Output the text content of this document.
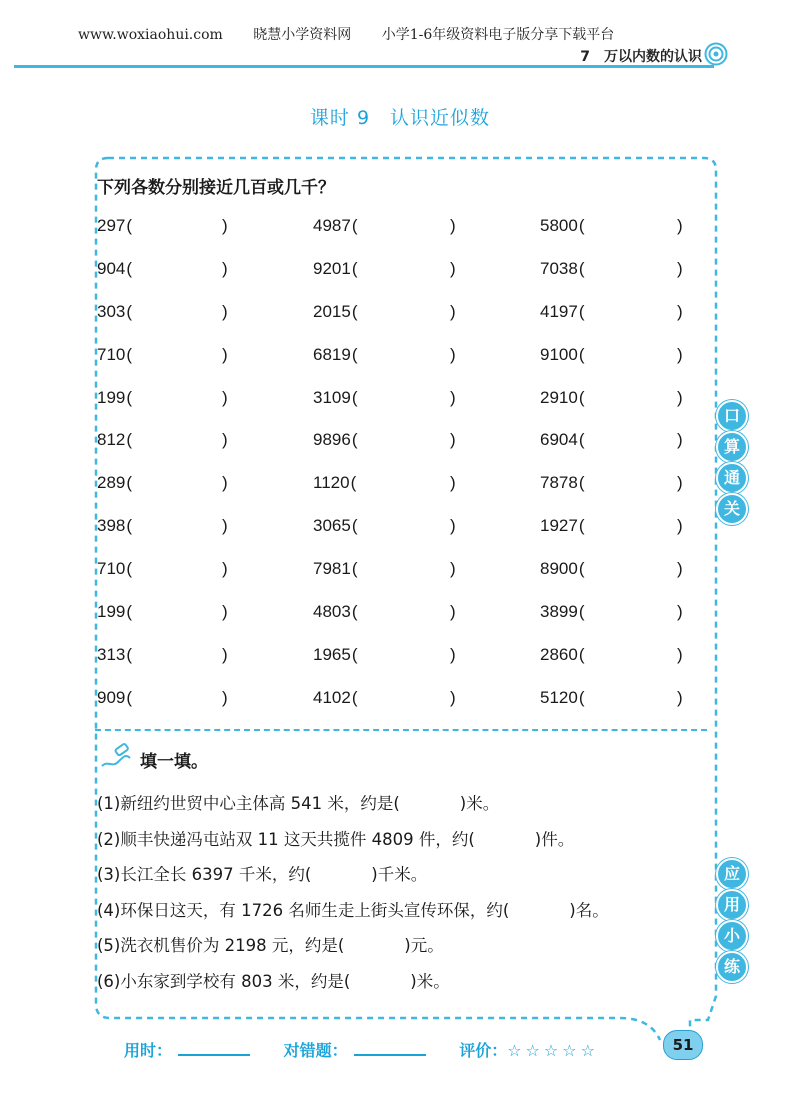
www.woxiaohui.com 晓慧小学资料网 小学1-6年级资料电子版分享下载平台
7　万以内数的认识
课时 9　认识近似数
下列各数分别接近几百或几千？
297(	)	4987(	)	5800(	)
904(	)	9201(	)	7038(	)
303(	)	2015(	)	4197(	)
710(	)	6819(	)	9100(	)
199(	)	3109(	)	2910(	)
812(	)	9896(	)	6904(	)
289(	)	1120(	)	7878(	)
398(	)	3065(	)	1927(	)
710(	)	7981(	)	8900(	)
199(	)	4803(	)	3899(	)
313(	)	1965(	)	2860(	)
909(	)	4102(	)	5120(	)
填一填。
(1)新纽约世贸中心主体高 541 米，约是(	)米。
(2)顺丰快递冯屯站双 11 这天共揽件 4809 件，约(	)件。
(3)长江全长 6397 千米，约(	)千米。
(4)环保日这天，有 1726 名师生走上街头宣传环保，约(	)名。
(5)洗衣机售价为 2198 元，约是(	)元。
(6)小东家到学校有 803 米，约是(	)米。
口
算
通
关
应
用
小
练
用时：	对错题：	评价：☆☆☆☆☆	51
